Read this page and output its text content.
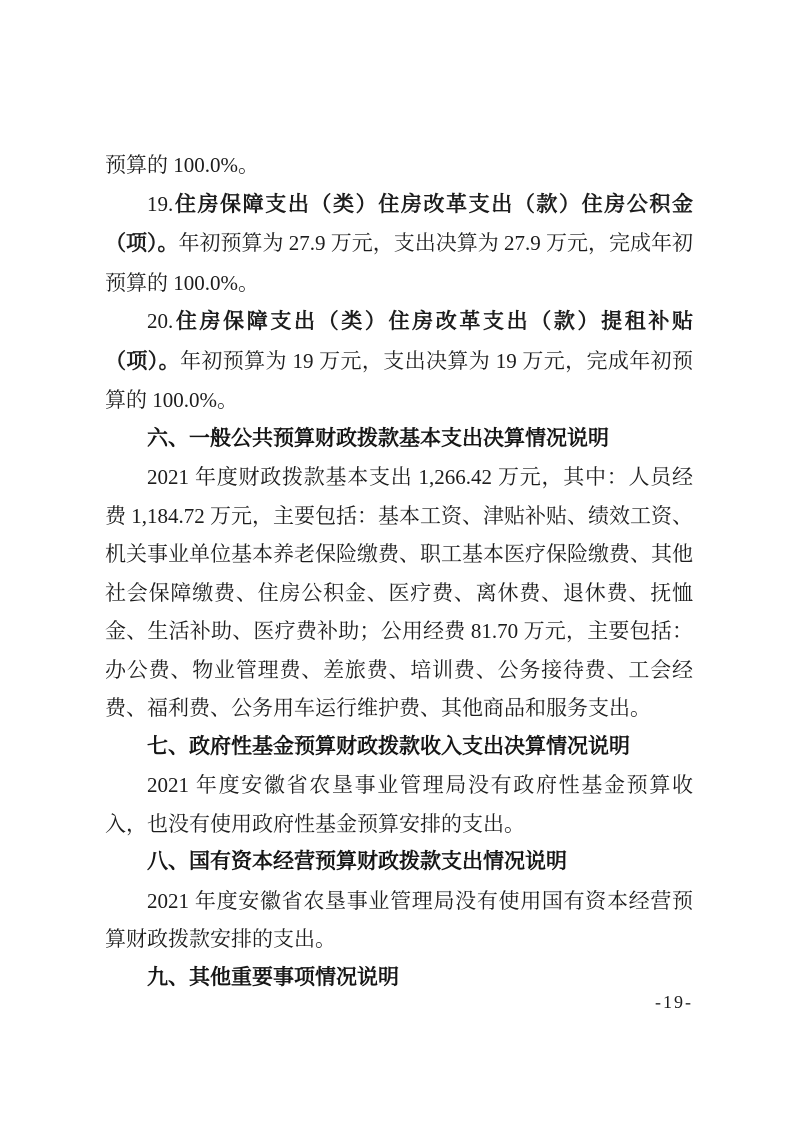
预算的 100.0%。

19.住房保障支出（类）住房改革支出（款）住房公积金（项）。年初预算为 27.9 万元，支出决算为 27.9 万元，完成年初预算的 100.0%。

20.住房保障支出（类）住房改革支出（款）提租补贴（项）。年初预算为 19 万元，支出决算为 19 万元，完成年初预算的 100.0%。

六、一般公共预算财政拨款基本支出决算情况说明

2021 年度财政拨款基本支出 1,266.42 万元，其中：人员经费 1,184.72 万元，主要包括：基本工资、津贴补贴、绩效工资、机关事业单位基本养老保险缴费、职工基本医疗保险缴费、其他社会保障缴费、住房公积金、医疗费、离休费、退休费、抚恤金、生活补助、医疗费补助；公用经费 81.70 万元，主要包括：办公费、物业管理费、差旅费、培训费、公务接待费、工会经费、福利费、公务用车运行维护费、其他商品和服务支出。

七、政府性基金预算财政拨款收入支出决算情况说明

2021 年度安徽省农垦事业管理局没有政府性基金预算收入，也没有使用政府性基金预算安排的支出。

八、国有资本经营预算财政拨款支出情况说明

2021 年度安徽省农垦事业管理局没有使用国有资本经营预算财政拨款安排的支出。

九、其他重要事项情况说明
-19-
